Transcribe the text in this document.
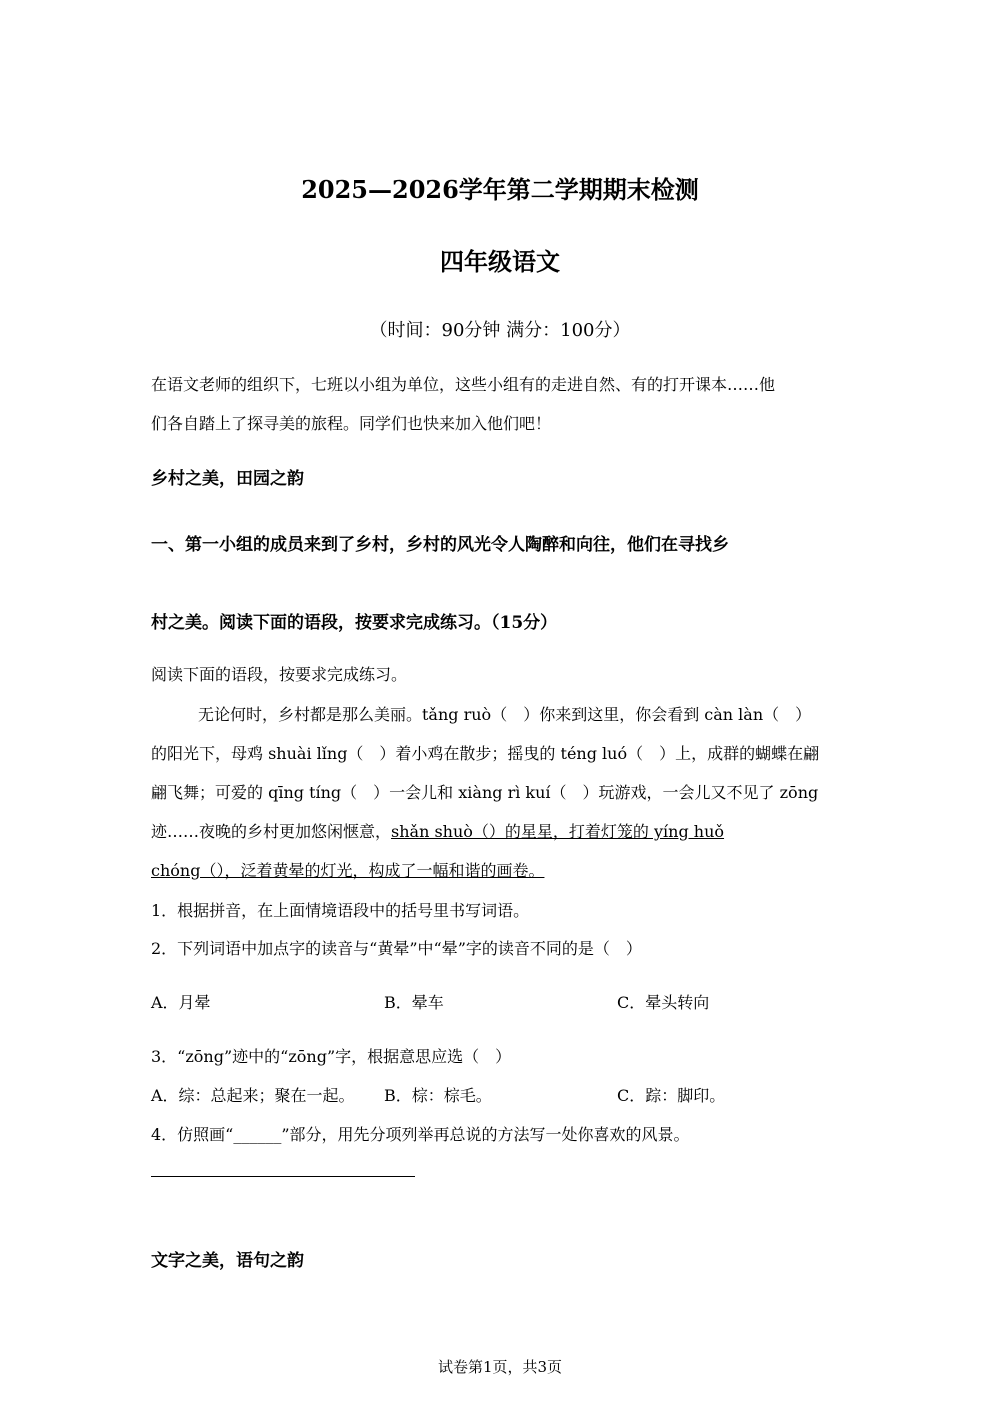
2025—2026学年第二学期期末检测
四年级语文
（时间：90分钟 满分：100分）
在语文老师的组织下，七班以小组为单位，这些小组有的走进自然、有的打开课本……他
们各自踏上了探寻美的旅程。同学们也快来加入他们吧！
乡村之美，田园之韵
一、第一小组的成员来到了乡村，乡村的风光令人陶醉和向往，他们在寻找乡
村之美。阅读下面的语段，按要求完成练习。（15分）
阅读下面的语段，按要求完成练习。
无论何时，乡村都是那么美丽。tǎng ruò（　）你来到这里，你会看到 càn làn（　）
的阳光下，母鸡 shuài lǐng（　）着小鸡在散步；摇曳的 téng luó（　）上，成群的蝴蝶在翩
翩飞舞；可爱的 qīng tíng（　）一会儿和 xiàng rì kuí（　）玩游戏，一会儿又不见了 zōng
迹……夜晚的乡村更加悠闲惬意，shǎn shuò（）的星星，打着灯笼的 yíng huǒ
chóng（），泛着黄晕的灯光，构成了一幅和谐的画卷。
1．根据拼音，在上面情境语段中的括号里书写词语。
2．下列词语中加点字的读音与“黄晕”中“晕”字的读音不同的是（　）
A．月晕	B．晕车	C．晕头转向
3．“zōng”迹中的“zōng”字，根据意思应选（　）
A．综：总起来；聚在一起。 B．棕：棕毛。	C．踪：脚印。
4．仿照画“______”部分，用先分项列举再总说的方法写一处你喜欢的风景。
文字之美，语句之韵
试卷第1页，共3页
